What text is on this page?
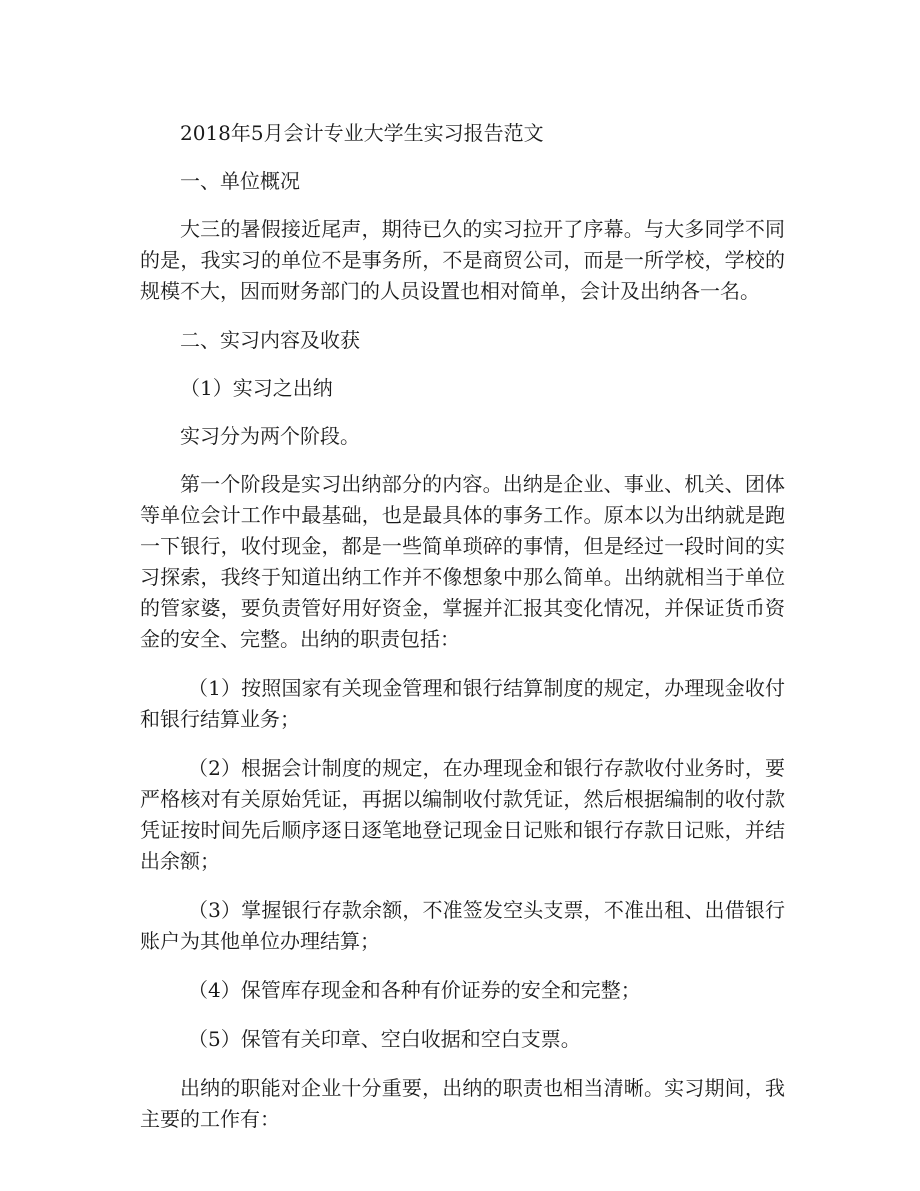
2018年5月会计专业大学生实习报告范文

一、单位概况

大三的暑假接近尾声，期待已久的实习拉开了序幕。与大多同学不同的是，我实习的单位不是事务所，不是商贸公司，而是一所学校，学校的规模不大，因而财务部门的人员设置也相对简单，会计及出纳各一名。

二、实习内容及收获

（1）实习之出纳

实习分为两个阶段。

第一个阶段是实习出纳部分的内容。出纳是企业、事业、机关、团体等单位会计工作中最基础，也是最具体的事务工作。原本以为出纳就是跑一下银行，收付现金，都是一些简单琐碎的事情，但是经过一段时间的实习探索，我终于知道出纳工作并不像想象中那么简单。出纳就相当于单位的管家婆，要负责管好用好资金，掌握并汇报其变化情况，并保证货币资金的安全、完整。出纳的职责包括：

（1）按照国家有关现金管理和银行结算制度的规定，办理现金收付和银行结算业务；

（2）根据会计制度的规定，在办理现金和银行存款收付业务时，要严格核对有关原始凭证，再据以编制收付款凭证，然后根据编制的收付款凭证按时间先后顺序逐日逐笔地登记现金日记账和银行存款日记账，并结出余额；

（3）掌握银行存款余额，不准签发空头支票，不准出租、出借银行账户为其他单位办理结算；

（4）保管库存现金和各种有价证券的安全和完整；

（5）保管有关印章、空白收据和空白支票。

出纳的职能对企业十分重要，出纳的职责也相当清晰。实习期间，我主要的工作有：
